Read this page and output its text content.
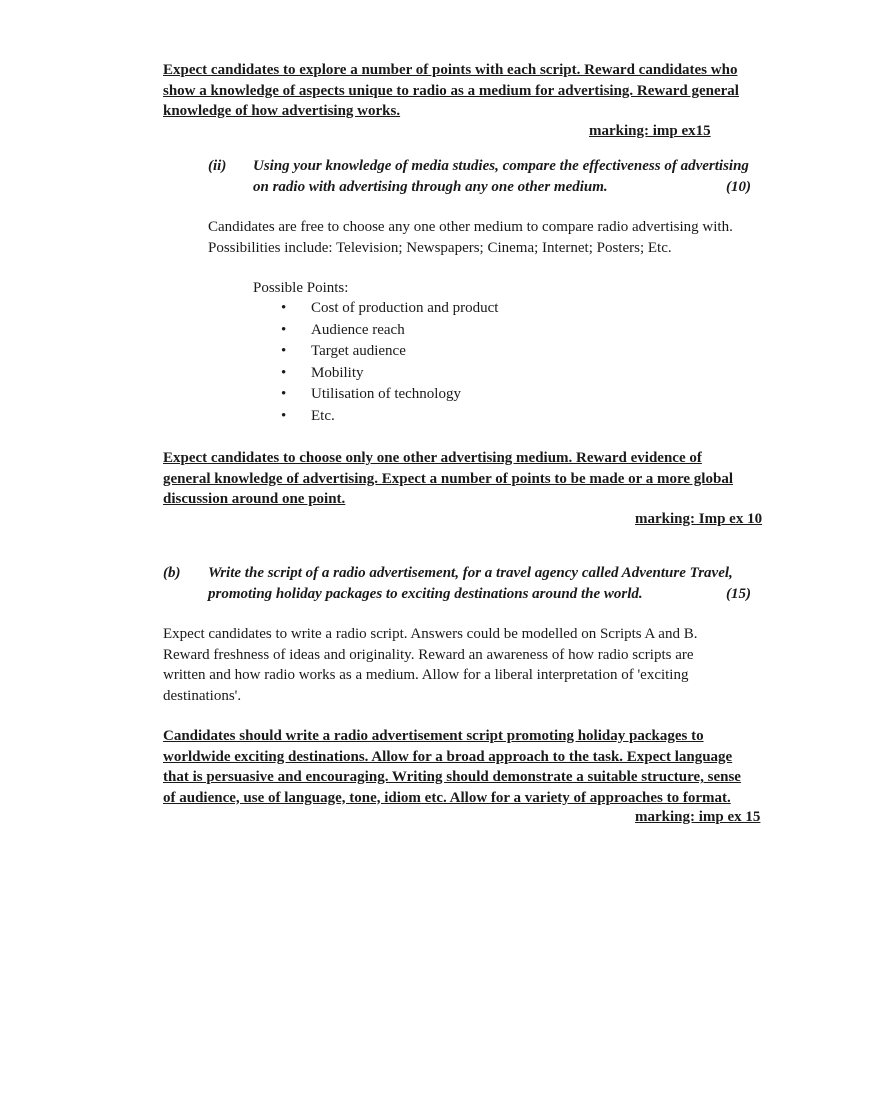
Expect candidates to explore a number of points with each script. Reward candidates who
show a knowledge of aspects unique to radio as a medium for advertising. Reward general
knowledge of how advertising works.
marking: imp ex15
(ii) Using your knowledge of media studies, compare the effectiveness of advertising
on radio with advertising through any one other medium.	(10)
Candidates are free to choose any one other medium to compare radio advertising with.
Possibilities include: Television; Newspapers; Cinema; Internet; Posters; Etc.
Possible Points:
• Cost of production and product
• Audience reach
• Target audience
• Mobility
• Utilisation of technology
• Etc.
Expect candidates to choose only one other advertising medium. Reward evidence of
general knowledge of advertising. Expect a number of points to be made or a more global
discussion around one point.
marking: Imp ex 10
(b) Write the script of a radio advertisement, for a travel agency called Adventure Travel,
promoting holiday packages to exciting destinations around the world.	(15)
Expect candidates to write a radio script. Answers could be modelled on Scripts A and B.
Reward freshness of ideas and originality. Reward an awareness of how radio scripts are
written and how radio works as a medium. Allow for a liberal interpretation of 'exciting
destinations'.
Candidates should write a radio advertisement script promoting holiday packages to
worldwide exciting destinations. Allow for a broad approach to the task. Expect language
that is persuasive and encouraging. Writing should demonstrate a suitable structure, sense
of audience, use of language, tone, idiom etc. Allow for a variety of approaches to format.
marking: imp ex 15
